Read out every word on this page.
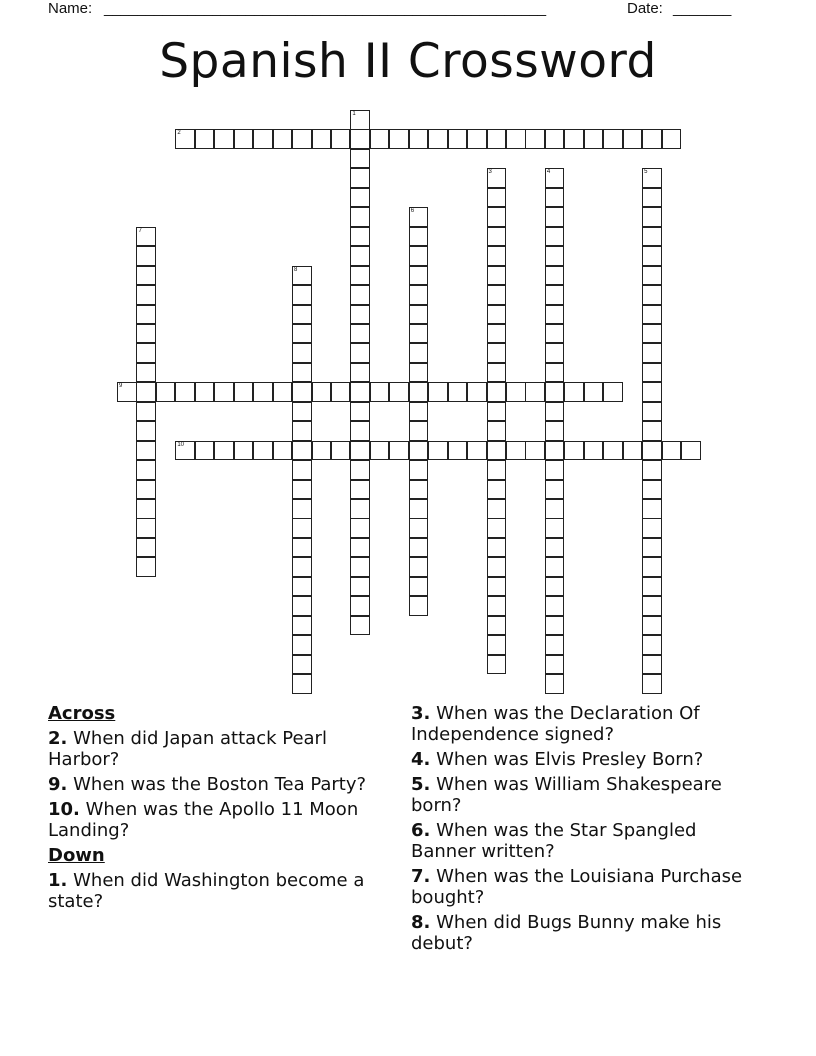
Name: _____________________________________________________	Date: _______
Spanish II Crossword
1
2
3	4	5
6
7
8
9
10
Across
2. When did Japan attack Pearl Harbor?
9. When was the Boston Tea Party?
10. When was the Apollo 11 Moon Landing?
Down
1. When did Washington become a state?
3. When was the Declaration Of Independence signed?
4. When was Elvis Presley Born?
5. When was William Shakespeare born?
6. When was the Star Spangled Banner written?
7. When was the Louisiana Purchase bought?
8. When did Bugs Bunny make his debut?
